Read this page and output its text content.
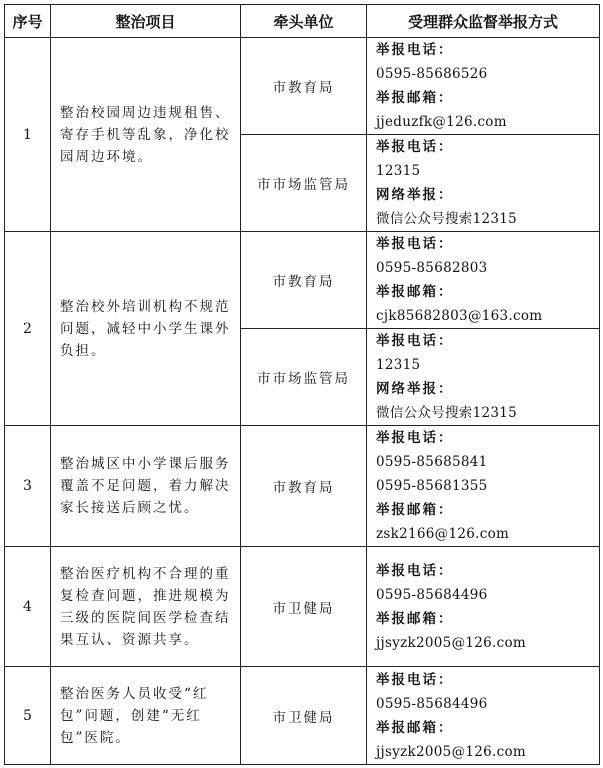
序号	整治项目	牵头单位	受理群众监督举报方式
1	整治校园周边违规租售、寄存手机等乱象，净化校园周边环境。	市教育局	举报电话：
0595-85686526
举报邮箱：
jjeduzfk@126.com

		市市场监管局	举报电话：
12315
网络举报：
微信公众号搜索12315

2	整治校外培训机构不规范问题，减轻中小学生课外负担。	市教育局	举报电话：
0595-85682803
举报邮箱：
cjk85682803@163.com

		市市场监管局	举报电话：
12315
网络举报：
微信公众号搜索12315

3	整治城区中小学课后服务覆盖不足问题，着力解决家长接送后顾之忧。	市教育局	举报电话：
0595-85685841
0595-85681355
举报邮箱：
zsk2166@126.com

4	整治医疗机构不合理的重复检查问题，推进规模为三级的医院间医学检查结果互认、资源共享。	市卫健局	举报电话：
0595-85684496
举报邮箱：
jjsyzk2005@126.com

5	整治医务人员收受“红包”问题，创建“无红包”医院。	市卫健局	举报电话：
0595-85684496
举报邮箱：
jjsyzk2005@126.com
